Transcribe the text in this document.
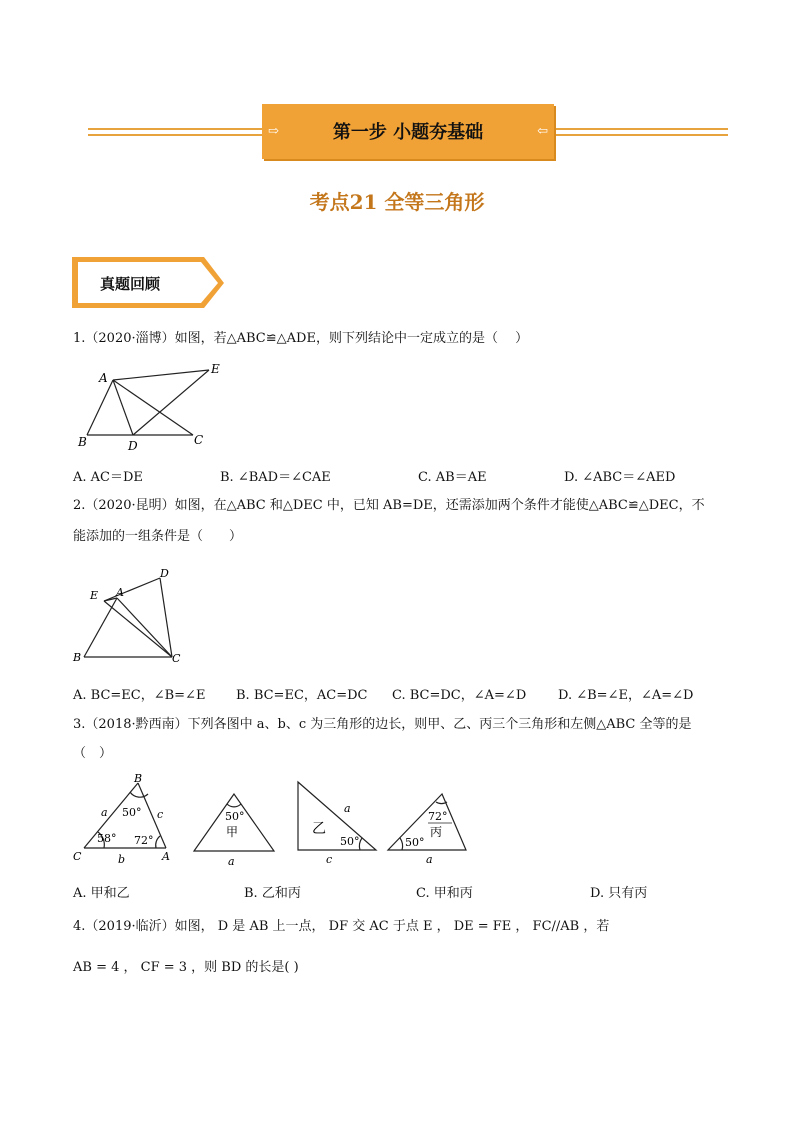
⇨	第一步 小题夯基础	⇦
考点21 全等三角形
真题回顾
1.（2020·淄博）如图，若△ABC≌△ADE，则下列结论中一定成立的是（　 ）
A
B	D	C
E
A. AC＝DE	B. ∠BAD＝∠CAE	C. AB＝AE	D. ∠ABC＝∠AED
2.（2020·昆明）如图，在△ABC 和△DEC 中，已知 AB=DE，还需添加两个条件才能使△ABC≌△DEC，不
能添加的一组条件是（　　）
B	C
D
E A
A. BC=EC，∠B=∠E B. BC=EC，AC=DC C. BC=DC，∠A=∠D D. ∠B=∠E，∠A=∠D
3.（2018·黔西南）下列各图中 a、b、c 为三角形的边长，则甲、乙、丙三个三角形和左侧△ABC 全等的是
（　）
B
C	A
a
b
c
50°
58° 72°
50°
甲
a
a
乙
50°
c
72°
丙
50°
a
A. 甲和乙	B. 乙和丙	C. 甲和丙	D. 只有丙
4.（2019·临沂）如图， D 是 AB 上一点， DF 交 AC 于点 E ， DE = FE ， FC//AB ，若
AB = 4 ， CF = 3 ，则 BD 的长是( )
